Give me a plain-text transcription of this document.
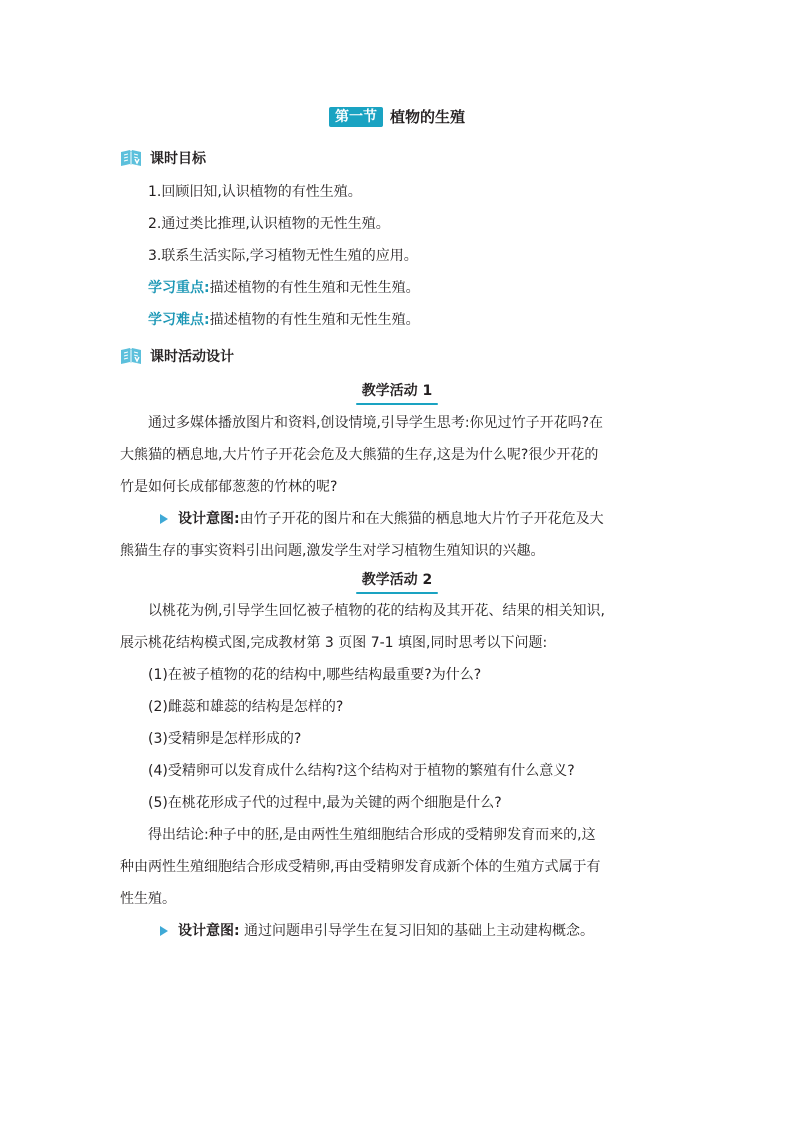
第一节 植物的生殖
课时目标
1.回顾旧知,认识植物的有性生殖。
2.通过类比推理,认识植物的无性生殖。
3.联系生活实际,学习植物无性生殖的应用。
学习重点:描述植物的有性生殖和无性生殖。
学习难点:描述植物的有性生殖和无性生殖。
课时活动设计
教学活动 1
通过多媒体播放图片和资料,创设情境,引导学生思考:你见过竹子开花吗?在
大熊猫的栖息地,大片竹子开花会危及大熊猫的生存,这是为什么呢?很少开花的
竹是如何长成郁郁葱葱的竹林的呢?
设计意图:由竹子开花的图片和在大熊猫的栖息地大片竹子开花危及大
熊猫生存的事实资料引出问题,激发学生对学习植物生殖知识的兴趣。
教学活动 2
以桃花为例,引导学生回忆被子植物的花的结构及其开花、结果的相关知识,
展示桃花结构模式图,完成教材第 3 页图 7-1 填图,同时思考以下问题:
(1)在被子植物的花的结构中,哪些结构最重要?为什么?
(2)雌蕊和雄蕊的结构是怎样的?
(3)受精卵是怎样形成的?
(4)受精卵可以发育成什么结构?这个结构对于植物的繁殖有什么意义?
(5)在桃花形成子代的过程中,最为关键的两个细胞是什么?
得出结论:种子中的胚,是由两性生殖细胞结合形成的受精卵发育而来的,这
种由两性生殖细胞结合形成受精卵,再由受精卵发育成新个体的生殖方式属于有
性生殖。
设计意图: 通过问题串引导学生在复习旧知的基础上主动建构概念。
